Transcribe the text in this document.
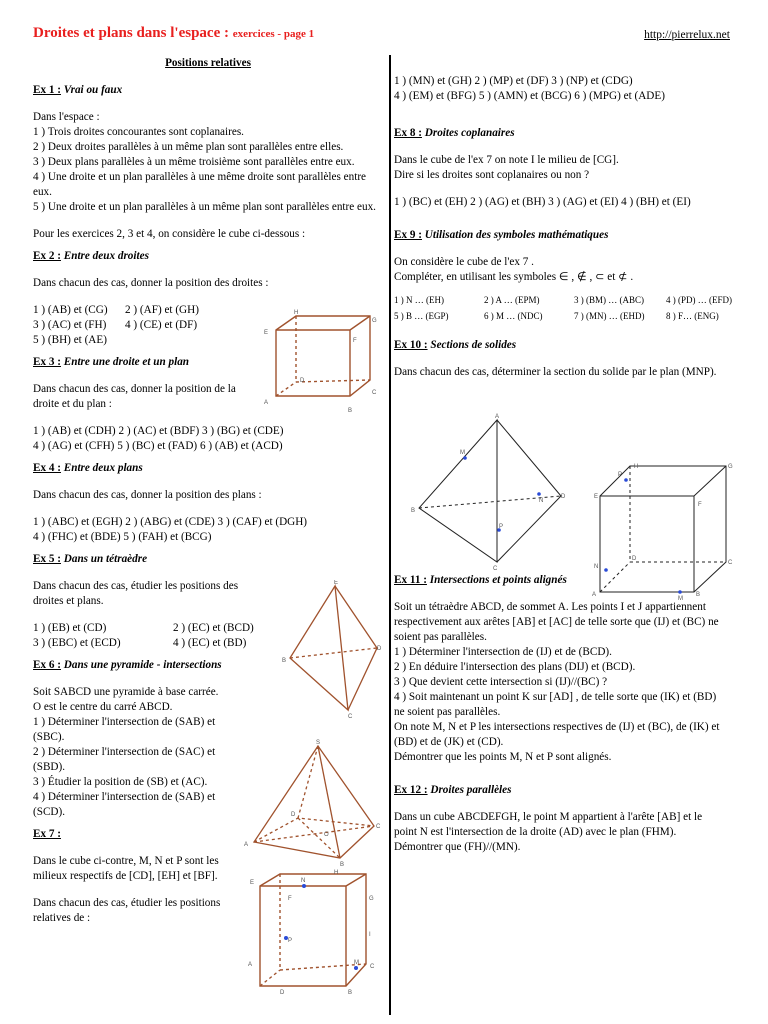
Droites et plans dans l'espace : exercices - page 1	http://pierrelux.net

Positions relatives

Ex 1 : Vrai ou faux

Dans l'espace :

1 ) Trois droites concourantes sont coplanaires.

2 ) Deux droites parallèles à un même plan sont parallèles entre elles.

3 ) Deux plans parallèles à un même troisième sont parallèles entre eux.

4 ) Une droite et un plan parallèles à une même droite sont parallèles entre eux.

5 ) Une droite et un plan parallèles à un même plan sont parallèles entre eux.

Pour les exercices 2, 3 et 4, on considère le cube ci-dessous :

Ex 2 : Entre deux droites

Dans chacun des cas, donner la position des droites :

1 ) (AB) et (CG)	2 ) (AF) et (GH)
3 ) (AC) et (FH)	4 ) (CE) et (DF)
5 ) (BH) et (AE)

Ex 3 : Entre une droite et un plan

Dans chacun des cas, donner la position de la

droite et du plan :

1 ) (AB) et (CDH) 2 ) (AC) et (BDF) 3 ) (BG) et (CDE)

4 ) (AG) et (CFH) 5 ) (BC) et (FAD) 6 ) (AB) et (ACD)

Ex 4 : Entre deux plans

Dans chacun des cas, donner la position des plans :

1 ) (ABC) et (EGH) 2 ) (ABG) et (CDE) 3 ) (CAF) et (DGH)

4 ) (FHC) et (BDE) 5 ) (FAH) et (BCG)

Ex 5 : Dans un tétraèdre

Dans chacun des cas, étudier les positions des

droites et plans.

1 ) (EB) et (CD)	2 ) (EC) et (BCD)
3 ) (EBC) et (ECD)	4 ) (EC) et (BD)

Ex 6 : Dans une pyramide - intersections

Soit SABCD une pyramide à base carrée.

O est le centre du carré ABCD.

1 ) Déterminer l'intersection de (SAB) et

(SBC).

2 ) Déterminer l'intersection de (SAC) et

(SBD).

3 ) Étudier la position de (SB) et (AC).

4 ) Déterminer l'intersection de (SAB) et

(SCD).

Ex 7 :

Dans le cube ci-contre, M, N et P sont les

milieux respectifs de [CD], [EH] et [BF].

Dans chacun des cas, étudier les positions

relatives de :

1 ) (MN) et (GH) 2 ) (MP) et (DF) 3 ) (NP) et (CDG)

4 ) (EM) et (BFG) 5 ) (AMN) et (BCG) 6 ) (MPG) et (ADE)

Ex 8 : Droites coplanaires

Dans le cube de l'ex 7 on note I le milieu de [CG].

Dire si les droites sont coplanaires ou non ?

1 ) (BC) et (EH) 2 ) (AG) et (BH) 3 ) (AG) et (EI) 4 ) (BH) et (EI)

Ex 9 : Utilisation des symboles mathématiques

On considère le cube de l'ex 7 .

Compléter, en utilisant les symboles ∈ , ∉ , ⊂ et ⊄ .

1 ) N … (EH)	2 ) A … (EPM)	3 ) (BM) … (ABC)	4 ) (PD) … (EFD)
5 ) B … (EGP)	6 ) M … (NDC)	7 ) (MN) … (EHD)	8 ) F… (ENG)

Ex 10 : Sections de solides

Dans chacun des cas, déterminer la section du solide par le plan (MNP).

Ex 11 : Intersections et points alignés

Soit un tétraèdre ABCD, de sommet A. Les points I et J appartiennent

respectivement aux arêtes [AB] et [AC] de telle sorte que (IJ) et (BC) ne

soient pas parallèles.

1 ) Déterminer l'intersection de (IJ) et de (BCD).

2 ) En déduire l'intersection des plans (DIJ) et (BCD).

3 ) Que devient cette intersection si (IJ)//(BC) ?

4 ) Soit maintenant un point K sur [AD] , de telle sorte que (IK) et (BD)

ne soient pas parallèles.

On note M, N et P les intersections respectives de (IJ) et (BC), de (IK) et

(BD) et de (JK) et (CD).

Démontrer que les points M, N et P sont alignés.

Ex 12 : Droites parallèles

Dans un cube ABCDEFGH, le point M appartient à l'arête [AB] et le

point N est l'intersection de la droite (AD) avec le plan (FHM).

Démontrer que (FH)//(MN).

H
G
E
F
D
C
A
B
E
D
B
C
S
D
C
A
O
B
E	N
H
G
F
P
I
A	M
D
C
B
A
M
N
D
B
P
C
P
H	G
E
F
N
D
C
A
M
B
